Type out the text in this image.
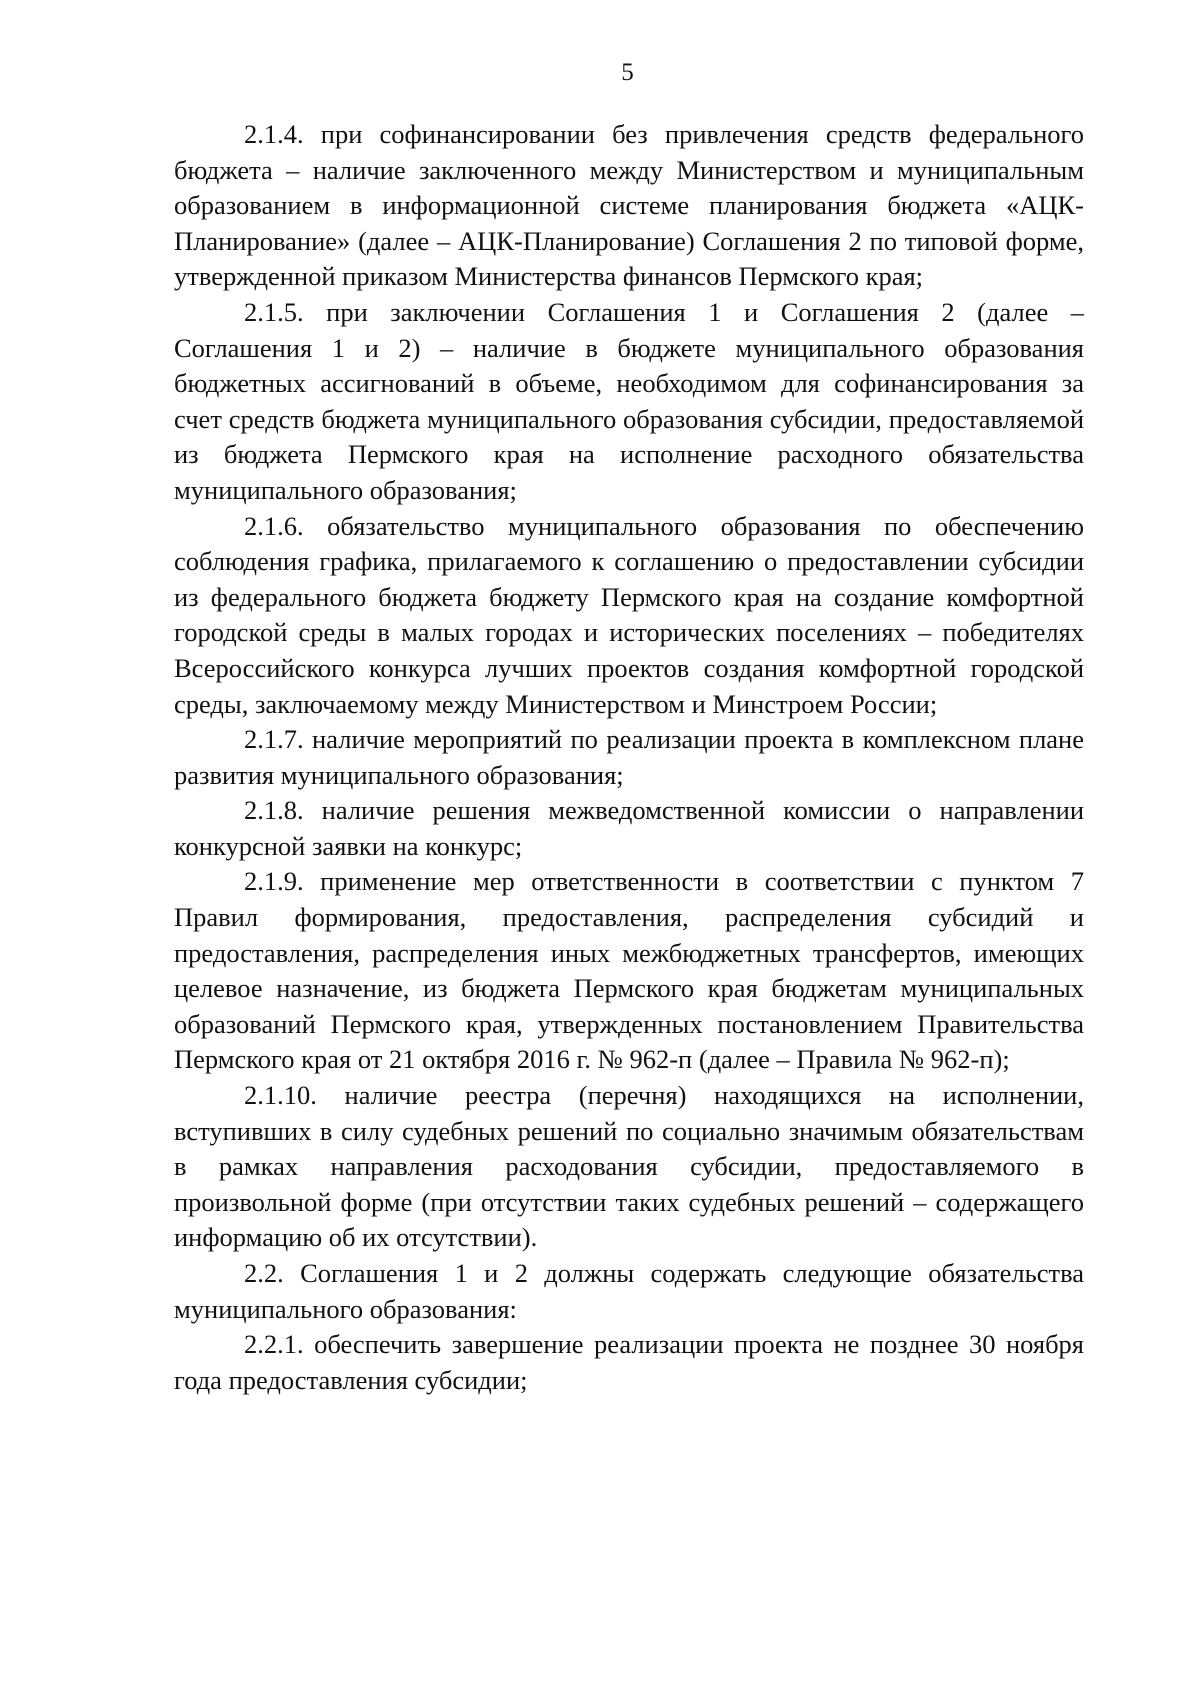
5

2.1.4. при софинансировании без привлечения средств федерального бюджета – наличие заключенного между Министерством и муниципальным образованием в информационной системе планирования бюджета «АЦК-Планирование» (далее – АЦК-Планирование) Соглашения 2 по типовой форме, утвержденной приказом Министерства финансов Пермского края;

2.1.5. при заключении Соглашения 1 и Соглашения 2 (далее – Соглашения 1 и 2) – наличие в бюджете муниципального образования бюджетных ассигнований в объеме, необходимом для софинансирования за счет средств бюджета муниципального образования субсидии, предоставляемой из бюджета Пермского края на исполнение расходного обязательства муниципального образования;

2.1.6. обязательство муниципального образования по обеспечению соблюдения графика, прилагаемого к соглашению о предоставлении субсидии из федерального бюджета бюджету Пермского края на создание комфортной городской среды в малых городах и исторических поселениях – победителях Всероссийского конкурса лучших проектов создания комфортной городской среды, заключаемому между Министерством и Минстроем России;

2.1.7. наличие мероприятий по реализации проекта в комплексном плане развития муниципального образования;

2.1.8. наличие решения межведомственной комиссии о направлении конкурсной заявки на конкурс;

2.1.9. применение мер ответственности в соответствии с пунктом 7 Правил формирования, предоставления, распределения субсидий и предоставления, распределения иных межбюджетных трансфертов, имеющих целевое назначение, из бюджета Пермского края бюджетам муниципальных образований Пермского края, утвержденных постановлением Правительства Пермского края от 21 октября 2016 г. № 962-п (далее – Правила № 962-п);

2.1.10. наличие реестра (перечня) находящихся на исполнении, вступивших в силу судебных решений по социально значимым обязательствам в рамках направления расходования субсидии, предоставляемого в произвольной форме (при отсутствии таких судебных решений – содержащего информацию об их отсутствии).

2.2. Соглашения 1 и 2 должны содержать следующие обязательства муниципального образования:

2.2.1. обеспечить завершение реализации проекта не позднее 30 ноября года предоставления субсидии;
